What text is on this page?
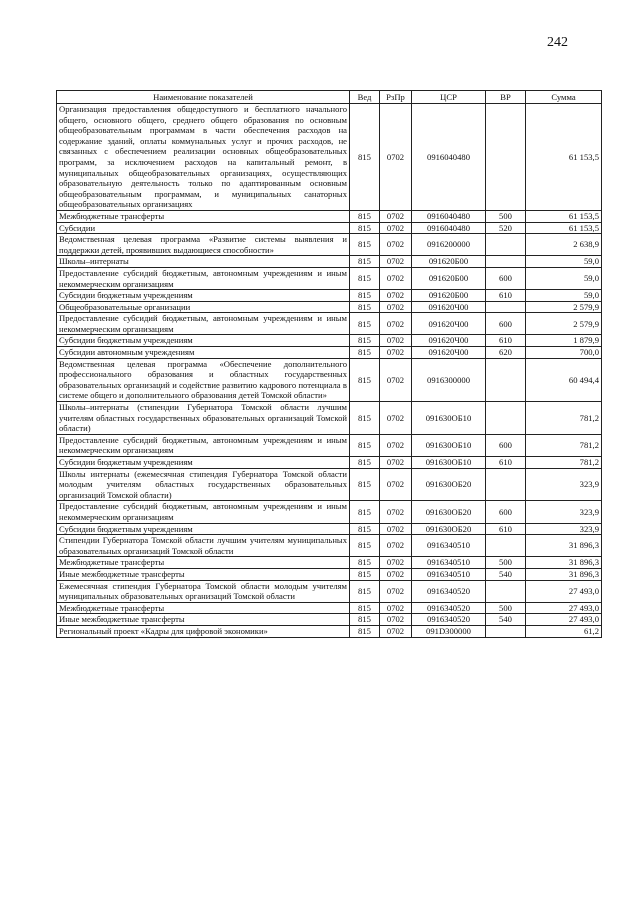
242
Наименование показателей	Вед	РзПр	ЦСР	ВР	Сумма
Организация предоставления общедоступного и бесплатного начального общего, основного общего, среднего общего образования по основным общеобразовательным программам в части обеспечения расходов на содержание зданий, оплаты коммунальных услуг и прочих расходов, не связанных с обеспечением реализации основных общеобразовательных программ, за исключением расходов на капитальный ремонт, в муниципальных общеобразовательных организациях, осуществляющих образовательную деятельность только по адаптированным основным общеобразовательным программам, и муниципальных санаторных общеобразовательных организациях	815	0702	0916040480		61 153,5
Межбюджетные трансферты	815	0702	0916040480	500	61 153,5
Субсидии	815	0702	0916040480	520	61 153,5
Ведомственная целевая программа «Развитие системы выявления и поддержки детей, проявивших выдающиеся способности»	815	0702	0916200000		2 638,9
Школы–интернаты	815	0702	091620Б00		59,0
Предоставление субсидий бюджетным, автономным учреждениям и иным некоммерческим организациям	815	0702	091620Б00	600	59,0
Субсидии бюджетным учреждениям	815	0702	091620Б00	610	59,0
Общеобразовательные организации	815	0702	091620Ч00		2 579,9
Предоставление субсидий бюджетным, автономным учреждениям и иным некоммерческим организациям	815	0702	091620Ч00	600	2 579,9
Субсидии бюджетным учреждениям	815	0702	091620Ч00	610	1 879,9
Субсидии автономным учреждениям	815	0702	091620Ч00	620	700,0
Ведомственная целевая программа «Обеспечение дополнительного профессионального образования и областных государственных образовательных организаций и содействие развитию кадрового потенциала в системе общего и дополнительного образования детей Томской области»	815	0702	0916300000		60 494,4
Школы–интернаты (стипендии Губернатора Томской области лучшим учителям областных государственных образовательных организаций Томской области)	815	0702	091630ОБ10		781,2
Предоставление субсидий бюджетным, автономным учреждениям и иным некоммерческим организациям	815	0702	091630ОБ10	600	781,2
Субсидии бюджетным учреждениям	815	0702	091630ОБ10	610	781,2
Школы интернаты (ежемесячная стипендия Губернатора Томской области молодым учителям областных государственных образовательных организаций Томской области)	815	0702	091630ОБ20		323,9
Предоставление субсидий бюджетным, автономным учреждениям и иным некоммерческим организациям	815	0702	091630ОБ20	600	323,9
Субсидии бюджетным учреждениям	815	0702	091630ОБ20	610	323,9
Стипендии Губернатора Томской области лучшим учителям муниципальных образовательных организаций Томской области	815	0702	0916340510		31 896,3
Межбюджетные трансферты	815	0702	0916340510	500	31 896,3
Иные межбюджетные трансферты	815	0702	0916340510	540	31 896,3
Ежемесячная стипендия Губернатора Томской области молодым учителям муниципальных образовательных организаций Томской области	815	0702	0916340520		27 493,0
Межбюджетные трансферты	815	0702	0916340520	500	27 493,0
Иные межбюджетные трансферты	815	0702	0916340520	540	27 493,0
Региональный проект «Кадры для цифровой экономики»	815	0702	091D300000		61,2
